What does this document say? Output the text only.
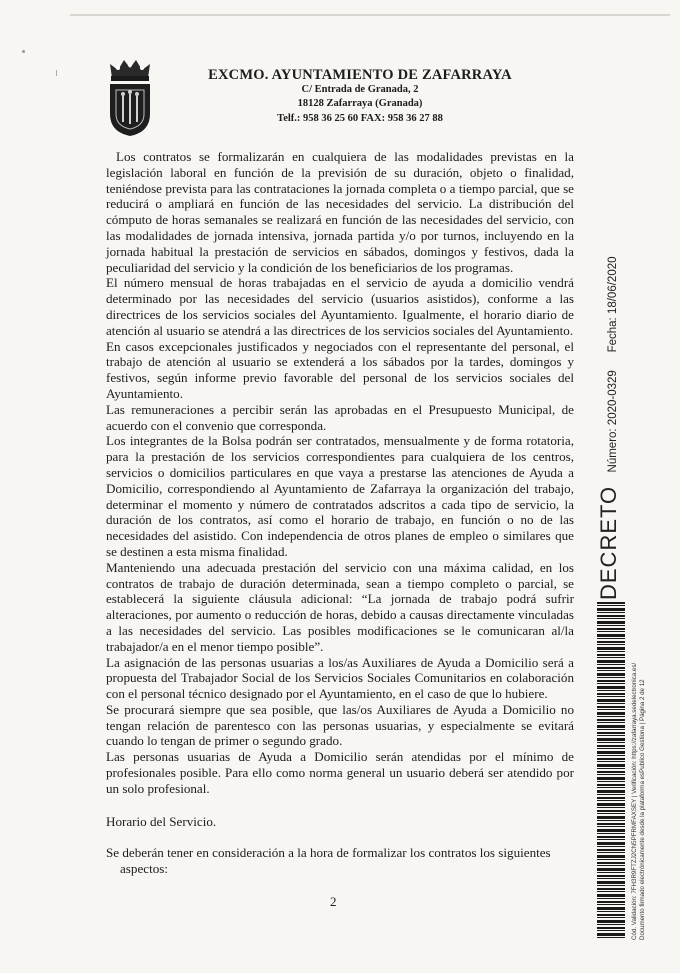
EXCMO. AYUNTAMIENTO DE ZAFARRAYA
C/ Entrada de Granada, 2
18128 Zafarraya (Granada)
Telf.: 958 36 25 60 FAX: 958 36 27 88

Los contratos se formalizarán en cualquiera de las modalidades previstas en la legislación laboral en función de la previsión de su duración, objeto o finalidad, teniéndose prevista para las contrataciones la jornada completa o a tiempo parcial, que se reducirá o ampliará en función de las necesidades del servicio. La distribución del cómputo de horas semanales se realizará en función de las necesidades del servicio, con las modalidades de jornada intensiva, jornada partida y/o por turnos, incluyendo en la jornada habitual la prestación de servicios en sábados, domingos y festivos, dada la peculiaridad del servicio y la condición de los beneficiarios de los programas.

El número mensual de horas trabajadas en el servicio de ayuda a domicilio vendrá determinado por las necesidades del servicio (usuarios asistidos), conforme a las directrices de los servicios sociales del Ayuntamiento. Igualmente, el horario diario de atención al usuario se atendrá a las directrices de los servicios sociales del Ayuntamiento.

En casos excepcionales justificados y negociados con el representante del personal, el trabajo de atención al usuario se extenderá a los sábados por la tardes, domingos y festivos, según informe previo favorable del personal de los servicios sociales del Ayuntamiento.

Las remuneraciones a percibir serán las aprobadas en el Presupuesto Municipal, de acuerdo con el convenio que corresponda.

Los integrantes de la Bolsa podrán ser contratados, mensualmente y de forma rotatoria, para la prestación de los servicios correspondientes para cualquiera de los centros, servicios o domicilios particulares en que vaya a prestarse las atenciones de Ayuda a Domicilio, correspondiendo al Ayuntamiento de Zafarraya la organización del trabajo, determinar el momento y número de contratados adscritos a cada tipo de servicio, la duración de los contratos, así como el horario de trabajo, en función o no de las necesidades del asistido. Con independencia de otros planes de empleo o similares que se destinen a esta misma finalidad.

Manteniendo una adecuada prestación del servicio con una máxima calidad, en los contratos de trabajo de duración determinada, sean a tiempo completo o parcial, se establecerá la siguiente cláusula adicional: “La jornada de trabajo podrá sufrir alteraciones, por aumento o reducción de horas, debido a causas directamente vinculadas a las necesidades del servicio. Las posibles modificaciones se le comunicaran al/la trabajador/a en el menor tiempo posible”.

La asignación de las personas usuarias a los/as Auxiliares de Ayuda a Domicilio será a propuesta del Trabajador Social de los Servicios Sociales Comunitarios en colaboración con el personal técnico designado por el Ayuntamiento, en el caso de que lo hubiere.

Se procurará siempre que sea posible, que las/os Auxiliares de Ayuda a Domicilio no tengan relación de parentesco con las personas usuarias, y especialmente se evitará cuando lo tengan de primer o segundo grado.

Las personas usuarias de Ayuda a Domicilio serán atendidas por el mínimo de profesionales posible. Para ello como norma general un usuario deberá ser atendido por un solo profesional.

Horario del Servicio.

Se deberán tener en consideración a la hora de formalizar los contratos los siguientes
aspectos:

2
DECRETO   Número: 2020-0329    Fecha: 18/06/2020
Cód. Validación: 7FH3R9FTZJ2CN5PFRMFAXSEY | Verificación: https://zafarraya.sedelectronica.es/ Documento firmado electrónicamente desde la plataforma esPublico Gestiona | Página 2 de 12
